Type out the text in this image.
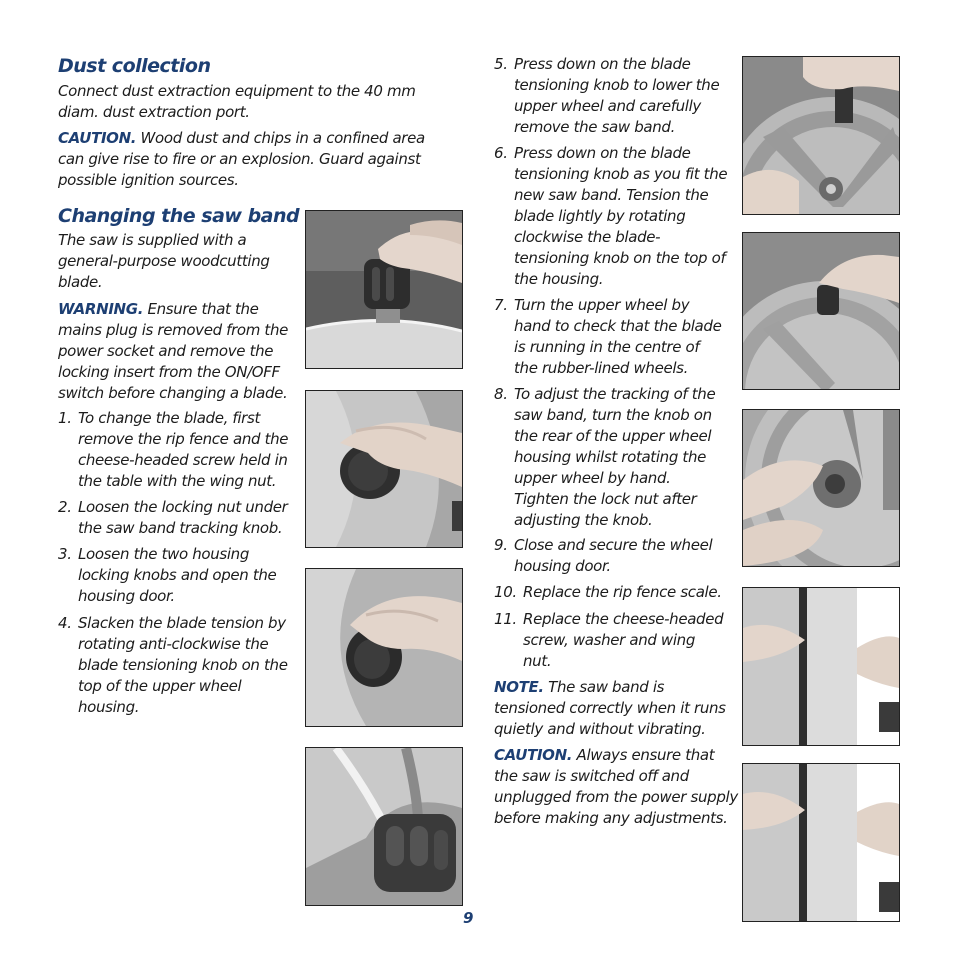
Dust collection

Connect dust extraction equipment to the 40 mm diam. dust extraction port.

CAUTION. Wood dust and chips in a confined area can give rise to fire or an explosion. Guard against possible ignition sources.

Changing the saw band

The saw is supplied with a general-purpose woodcutting blade.

WARNING. Ensure that the mains plug is removed from the power socket and remove the locking insert from the ON/OFF switch before changing a blade.

1. To change the blade, first remove the rip fence and the cheese-headed screw held in the table with the wing nut.
2. Loosen the locking nut under the saw band tracking knob.
3. Loosen the two housing locking knobs and open the housing door.
4. Slacken the blade tension by rotating anti-clockwise the blade tensioning knob on the top of the upper wheel housing.
5. Press down on the blade tensioning knob to lower the upper wheel and carefully remove the saw band.
6. Press down on the blade tensioning knob as you fit the new saw band. Tension the blade lightly by rotating clockwise the blade-tensioning knob on the top of the housing.
7. Turn the upper wheel by hand to check that the blade is running in the centre of the rubber-lined wheels.
8. To adjust the tracking of the saw band, turn the knob on the rear of the upper wheel housing whilst rotating the upper wheel by hand. Tighten the lock nut after adjusting the knob.
9. Close and secure the wheel housing door.
10. Replace the rip fence scale.
11. Replace the cheese-headed screw, washer and wing nut.

NOTE. The saw band is tensioned correctly when it runs quietly and without vibrating.

CAUTION. Always ensure that the saw is switched off and unplugged from the power supply before making any adjustments.

9
